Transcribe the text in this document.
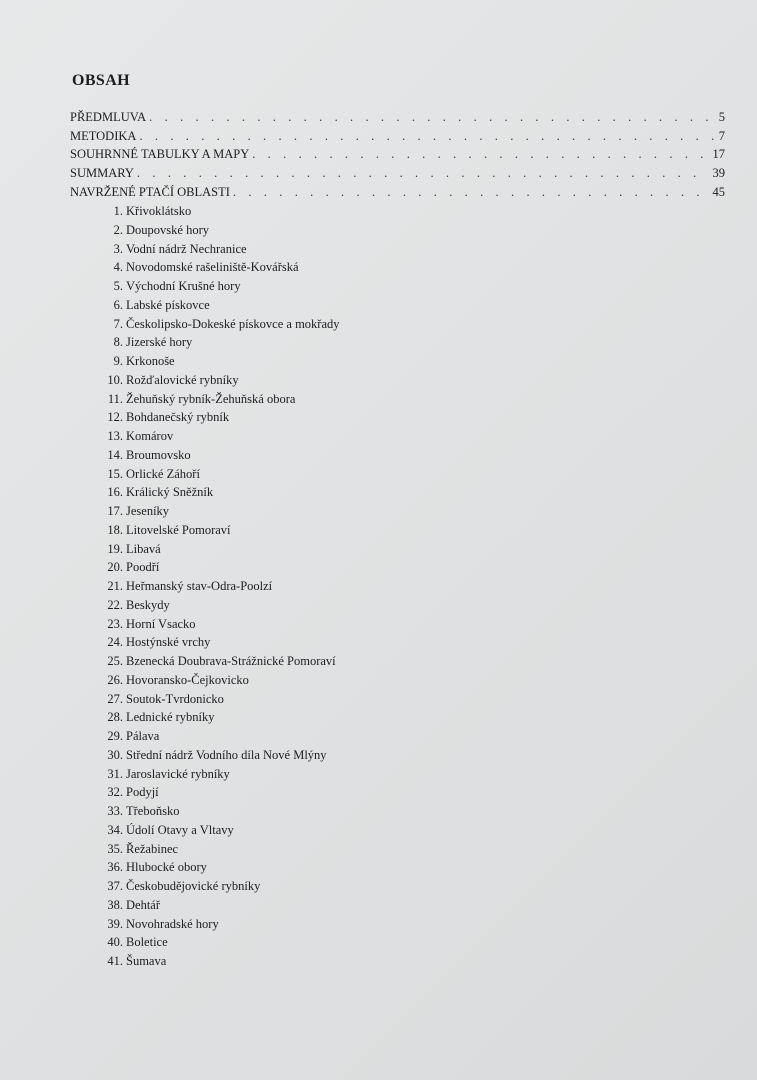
OBSAH
PŘEDMLUVA . . .	5
METODIKA . . .	7
SOUHRNNÉ TABULKY A MAPY . . .	17
SUMMARY . . .	39
NAVRŽENÉ PTAČÍ OBLASTI . . .	45
1. Křivoklátsko
2. Doupovské hory
3. Vodní nádrž Nechranice
4. Novodomské rašeliniště-Kovářská
5. Východní Krušné hory
6. Labské pískovce
7. Českolipsko-Dokeské pískovce a mokřady
8. Jizerské hory
9. Krkonoše
10. Rožďalovické rybníky
11. Žehuňský rybník-Žehuňská obora
12. Bohdanečský rybník
13. Komárov
14. Broumovsko
15. Orlické Záhoří
16. Králický Sněžník
17. Jeseníky
18. Litovelské Pomoraví
19. Libavá
20. Poodří
21. Heřmanský stav-Odra-Poolzí
22. Beskydy
23. Horní Vsacko
24. Hostýnské vrchy
25. Bzenecká Doubrava-Strážnické Pomoraví
26. Hovoransko-Čejkovicko
27. Soutok-Tvrdonicko
28. Lednické rybníky
29. Pálava
30. Střední nádrž Vodního díla Nové Mlýny
31. Jaroslavické rybníky
32. Podyjí
33. Třeboňsko
34. Údolí Otavy a Vltavy
35. Řežabinec
36. Hlubocké obory
37. Českobudějovické rybníky
38. Dehtář
39. Novohradské hory
40. Boletice
41. Šumava
